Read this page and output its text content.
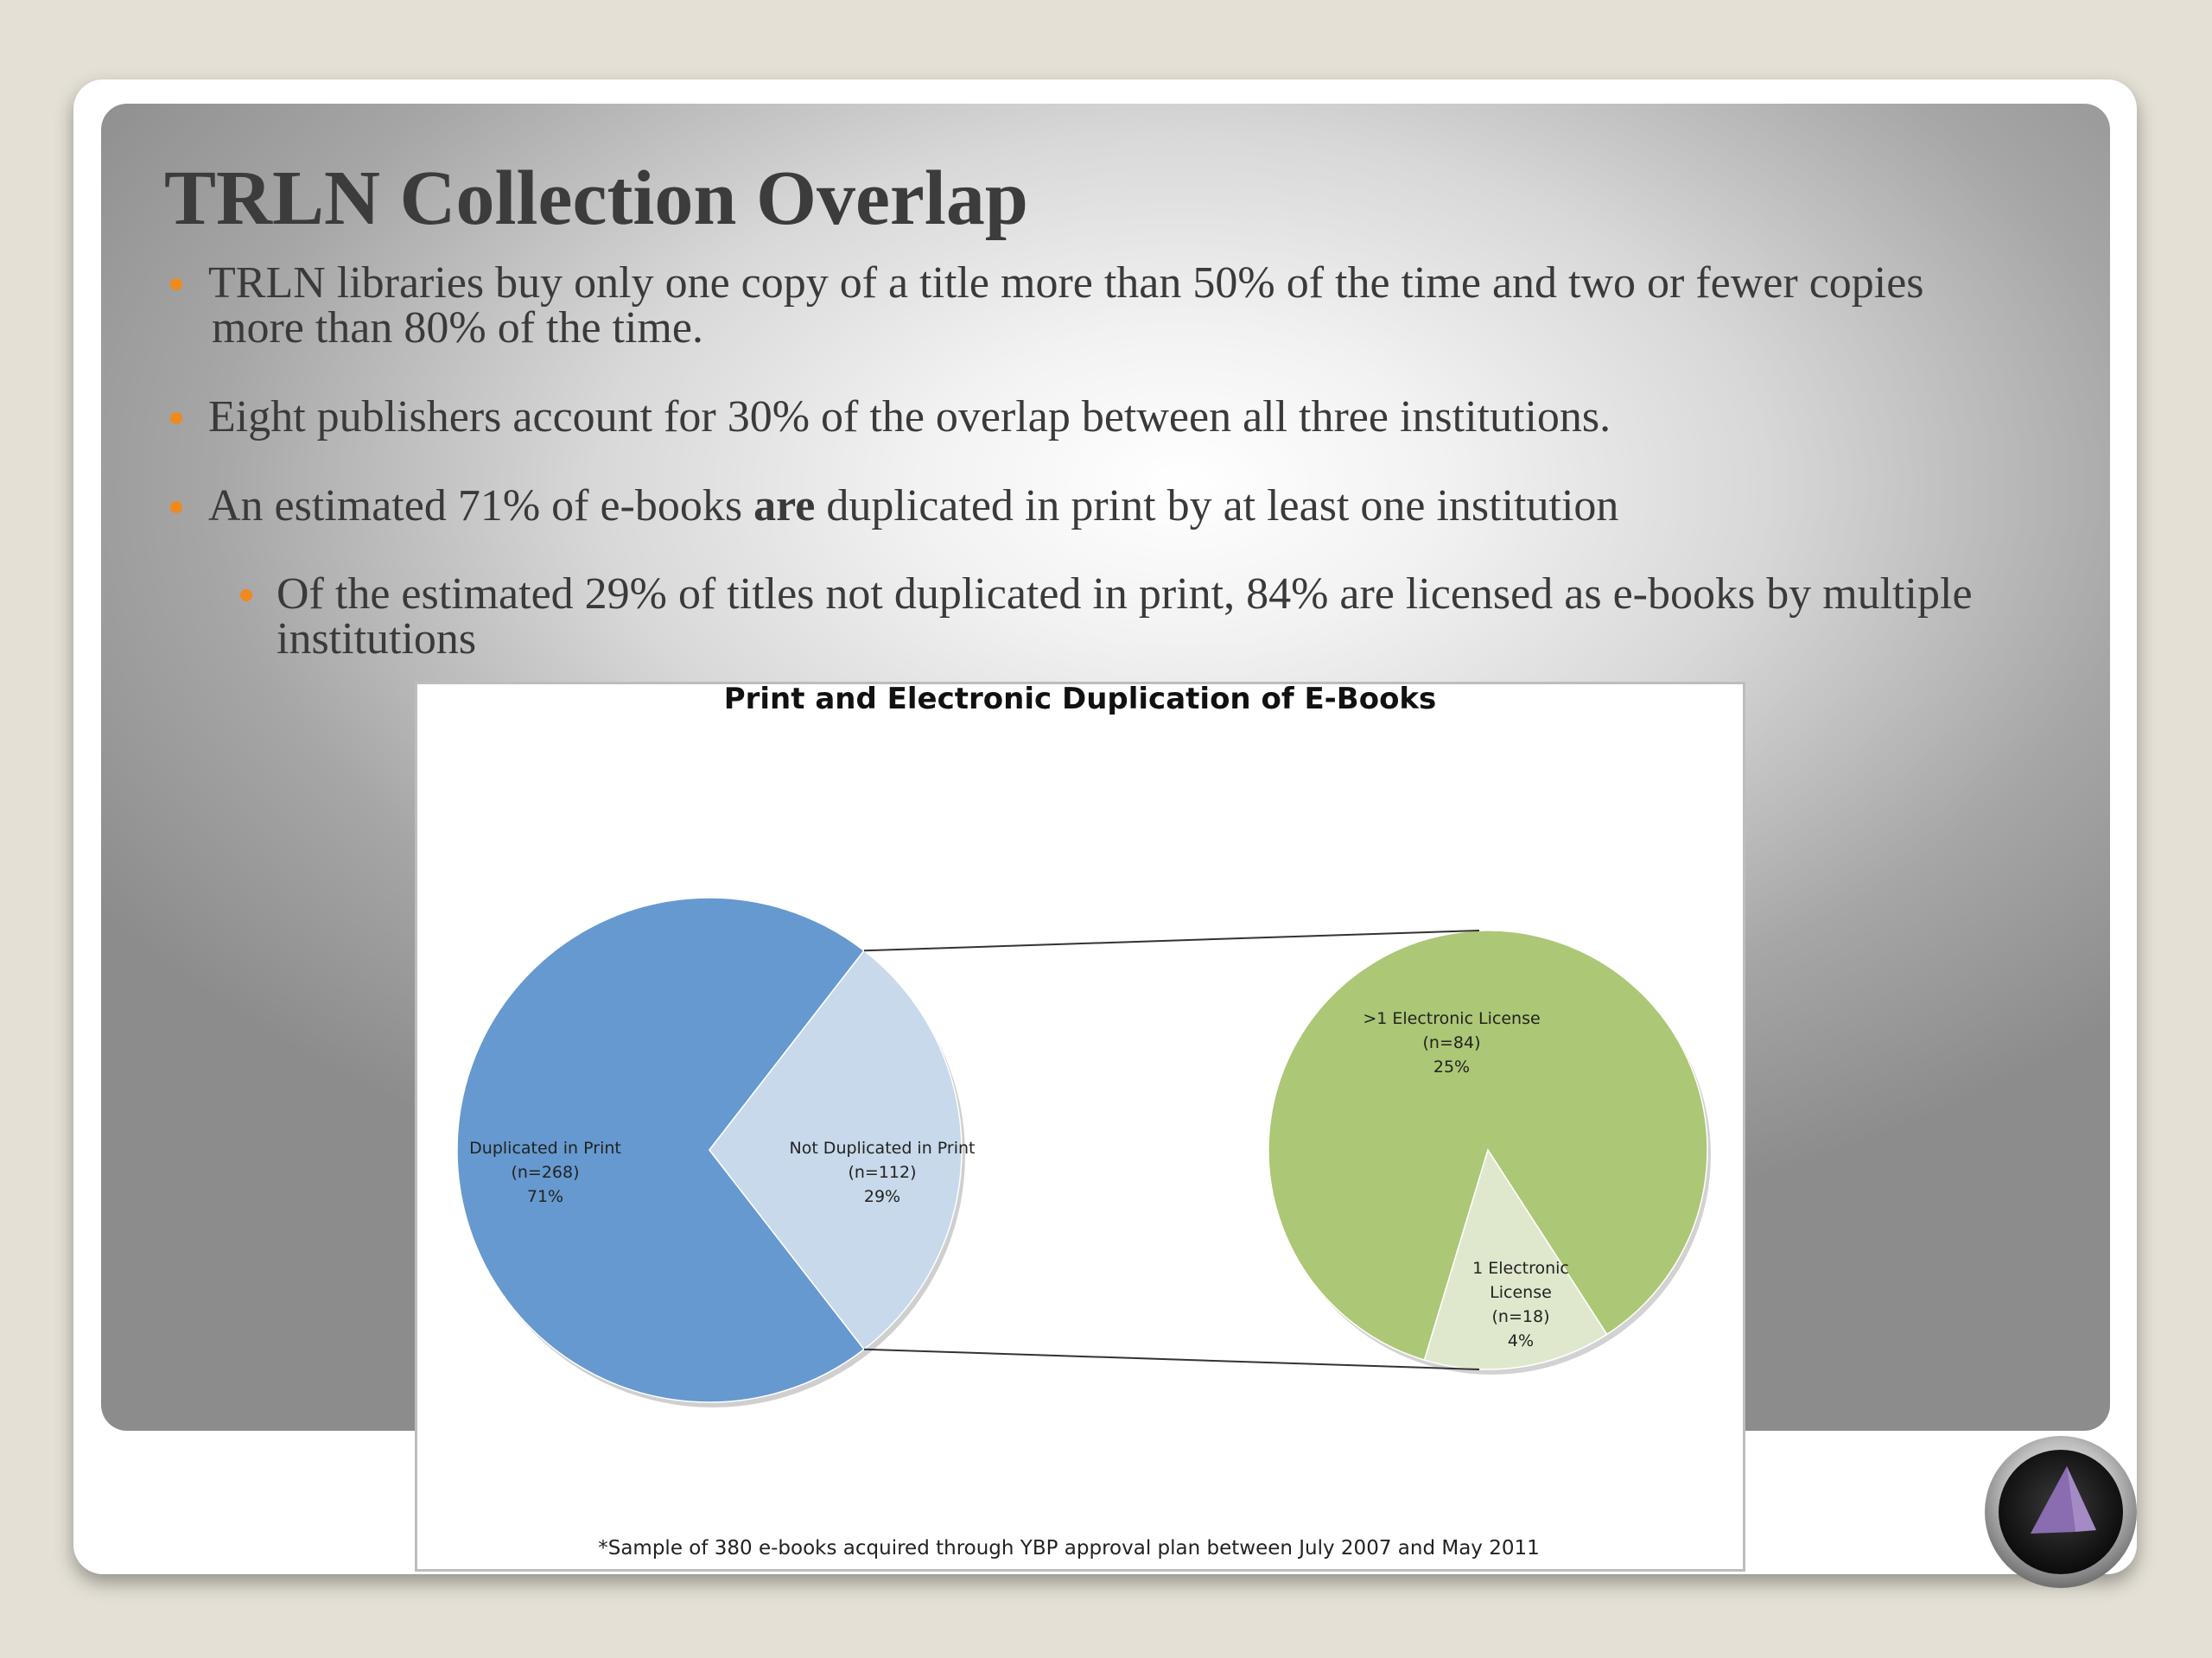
TRLN Collection Overlap
TRLN libraries buy only one copy of a title more than 50% of the time and two or fewer copies
more than 80% of the time.
Eight publishers account for 30% of the overlap between all three institutions.
An estimated 71% of e-books are duplicated in print by at least one institution
Of the estimated 29% of titles not duplicated in print, 84% are licensed as e-books by multiple institutions
Print and Electronic Duplication of E-Books
Duplicated in Print
(n=268)
71%
Not Duplicated in Print
(n=112)
29%
>1 Electronic License
(n=84)
25%
1 Electronic
License
(n=18)
4%
*Sample of 380 e-books acquired through YBP approval plan between July 2007 and May 2011
